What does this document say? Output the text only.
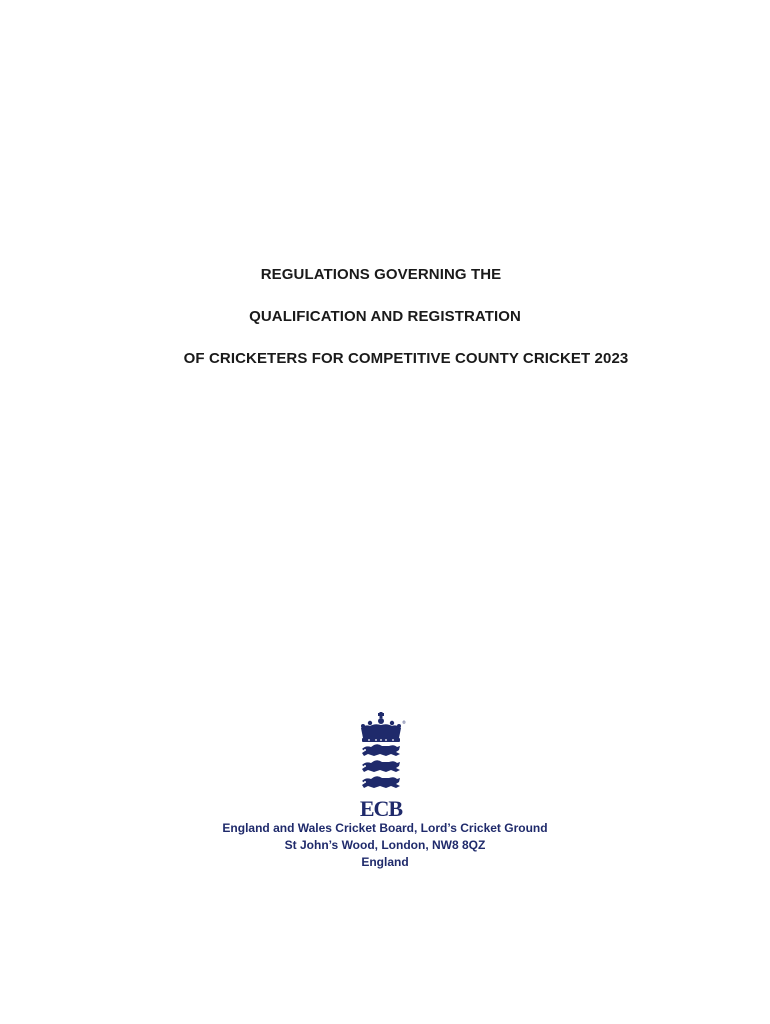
REGULATIONS GOVERNING THE
QUALIFICATION AND REGISTRATION
OF CRICKETERS FOR COMPETITIVE COUNTY CRICKET 2023
®
ECB
England and Wales Cricket Board, Lord’s Cricket Ground
St John’s Wood, London, NW8 8QZ
England
